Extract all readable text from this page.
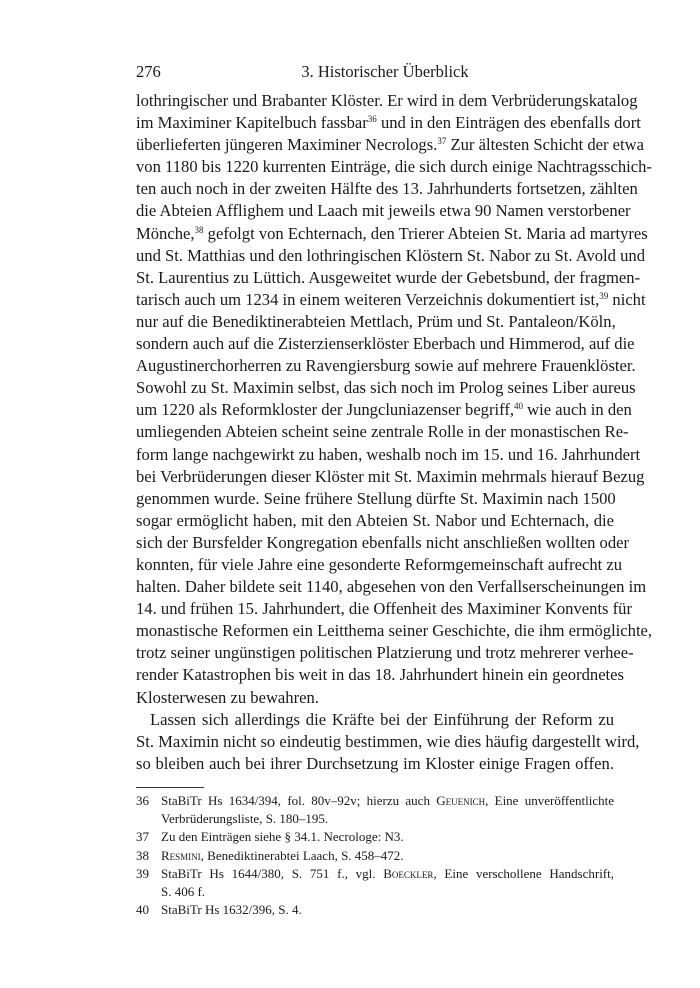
276	3. Historischer Überblick
lothringischer und Brabanter Klöster. Er wird in dem Verbrüderungskatalog
im Maximiner Kapitelbuch fassbar$^{36}$ und in den Einträgen des ebenfalls dort
überlieferten jüngeren Maximiner Necrologs.$^{37}$ Zur ältesten Schicht der etwa
von 1180 bis 1220 kurrenten Einträge, die sich durch einige Nachtragsschich-
ten auch noch in der zweiten Hälfte des 13. Jahrhunderts fortsetzen, zählten
die Abteien Afflighem und Laach mit jeweils etwa 90 Namen verstorbener
Mönche,$^{38}$ gefolgt von Echternach, den Trierer Abteien St. Maria ad martyres
und St. Matthias und den lothringischen Klöstern St. Nabor zu St. Avold und
St. Laurentius zu Lüttich. Ausgeweitet wurde der Gebetsbund, der fragmen-
tarisch auch um 1234 in einem weiteren Verzeichnis dokumentiert ist,$^{39}$ nicht
nur auf die Benediktinerabteien Mettlach, Prüm und St. Pantaleon/Köln,
sondern auch auf die Zisterzienserklöster Eberbach und Himmerod, auf die
Augustinerchorherren zu Ravengiersburg sowie auf mehrere Frauenklöster.
Sowohl zu St. Maximin selbst, das sich noch im Prolog seines Liber aureus
um 1220 als Reformkloster der Jungcluniazenser begriff,$^{40}$ wie auch in den
umliegenden Abteien scheint seine zentrale Rolle in der monastischen Re-
form lange nachgewirkt zu haben, weshalb noch im 15. und 16. Jahrhundert
bei Verbrüderungen dieser Klöster mit St. Maximin mehrmals hierauf Bezug
genommen wurde. Seine frühere Stellung dürfte St. Maximin nach 1500
sogar ermöglicht haben, mit den Abteien St. Nabor und Echternach, die
sich der Bursfelder Kongregation ebenfalls nicht anschließen wollten oder
konnten, für viele Jahre eine gesonderte Reformgemeinschaft aufrecht zu
halten. Daher bildete seit 1140, abgesehen von den Verfallserscheinungen im
14. und frühen 15. Jahrhundert, die Offenheit des Maximiner Konvents für
monastische Reformen ein Leitthema seiner Geschichte, die ihm ermöglichte,
trotz seiner ungünstigen politischen Platzierung und trotz mehrerer verhee-
render Katastrophen bis weit in das 18. Jahrhundert hinein ein geordnetes
Klosterwesen zu bewahren.
Lassen sich allerdings die Kräfte bei der Einführung der Reform zu
St. Maximin nicht so eindeutig bestimmen, wie dies häufig dargestellt wird,
so bleiben auch bei ihrer Durchsetzung im Kloster einige Fragen offen.
36 StaBiTr Hs 1634/394, fol. 80v–92v; hierzu auch Geuenich, Eine unveröffentlichte
Verbrüderungsliste, S. 180–195.
37 Zu den Einträgen siehe § 34.1. Necrologe: N3.
38 Resmini, Benediktinerabtei Laach, S. 458–472.
39 StaBiTr Hs 1644/380, S. 751 f., vgl. Boeckler, Eine verschollene Handschrift,
S. 406 f.
40 StaBiTr Hs 1632/396, S. 4.
